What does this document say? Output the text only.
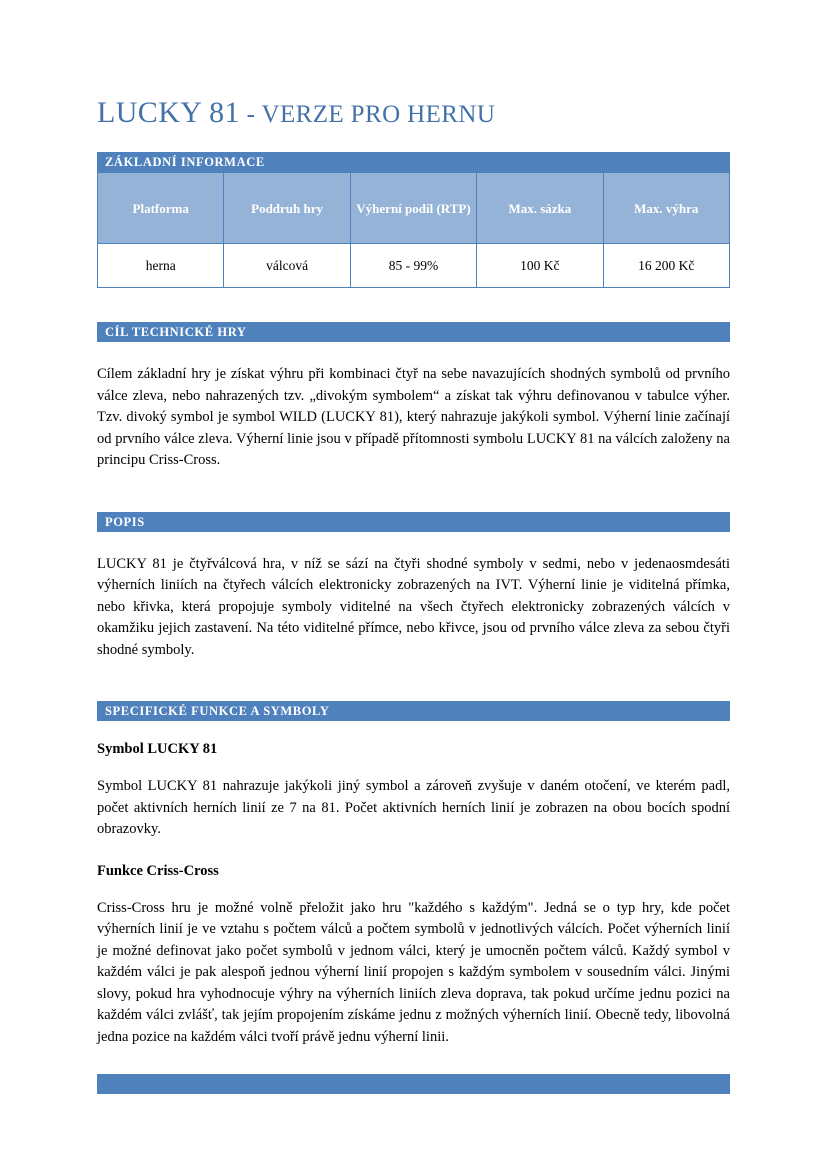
LUCKY 81 - VERZE PRO HERNU
ZÁKLADNÍ INFORMACE
Platforma	Poddruh hry	Výherní podíl (RTP)	Max. sázka	Max. výhra
herna	válcová	85 - 99%	100 Kč	16 200 Kč
CÍL TECHNICKÉ HRY

Cílem základní hry je získat výhru při kombinaci čtyř na sebe navazujících shodných symbolů od prvního válce zleva, nebo nahrazených tzv. „divokým symbolem“ a získat tak výhru definovanou v tabulce výher. Tzv. divoký symbol je symbol WILD (LUCKY 81), který nahrazuje jakýkoli symbol. Výherní linie začínají od prvního válce zleva. Výherní linie jsou v případě přítomnosti symbolu LUCKY 81 na válcích založeny na principu Criss-Cross.

POPIS

LUCKY 81 je čtyřválcová hra, v níž se sází na čtyři shodné symboly v sedmi, nebo v jedenaosmdesáti výherních liniích na čtyřech válcích elektronicky zobrazených na IVT. Výherní linie je viditelná přímka, nebo křivka, která propojuje symboly viditelné na všech čtyřech elektronicky zobrazených válcích v okamžiku jejich zastavení. Na této viditelné přímce, nebo křivce, jsou od prvního válce zleva za sebou čtyři shodné symboly.

SPECIFICKÉ FUNKCE A SYMBOLY

Symbol LUCKY 81

Symbol LUCKY 81 nahrazuje jakýkoli jiný symbol a zároveň zvyšuje v daném otočení, ve kterém padl, počet aktivních herních linií ze 7 na 81. Počet aktivních herních linií je zobrazen na obou bocích spodní obrazovky.

Funkce Criss-Cross

Criss-Cross hru je možné volně přeložit jako hru "každého s každým". Jedná se o typ hry, kde počet výherních linií je ve vztahu s počtem válců a počtem symbolů v jednotlivých válcích. Počet výherních linií je možné definovat jako počet symbolů v jednom válci, který je umocněn počtem válců. Každý symbol v každém válci je pak alespoň jednou výherní linií propojen s každým symbolem v sousedním válci. Jinými slovy, pokud hra vyhodnocuje výhry na výherních liniích zleva doprava, tak pokud určíme jednu pozici na každém válci zvlášť, tak jejím propojením získáme jednu z možných výherních linií. Obecně tedy, libovolná jedna pozice na každém válci tvoří právě jednu výherní linii.
